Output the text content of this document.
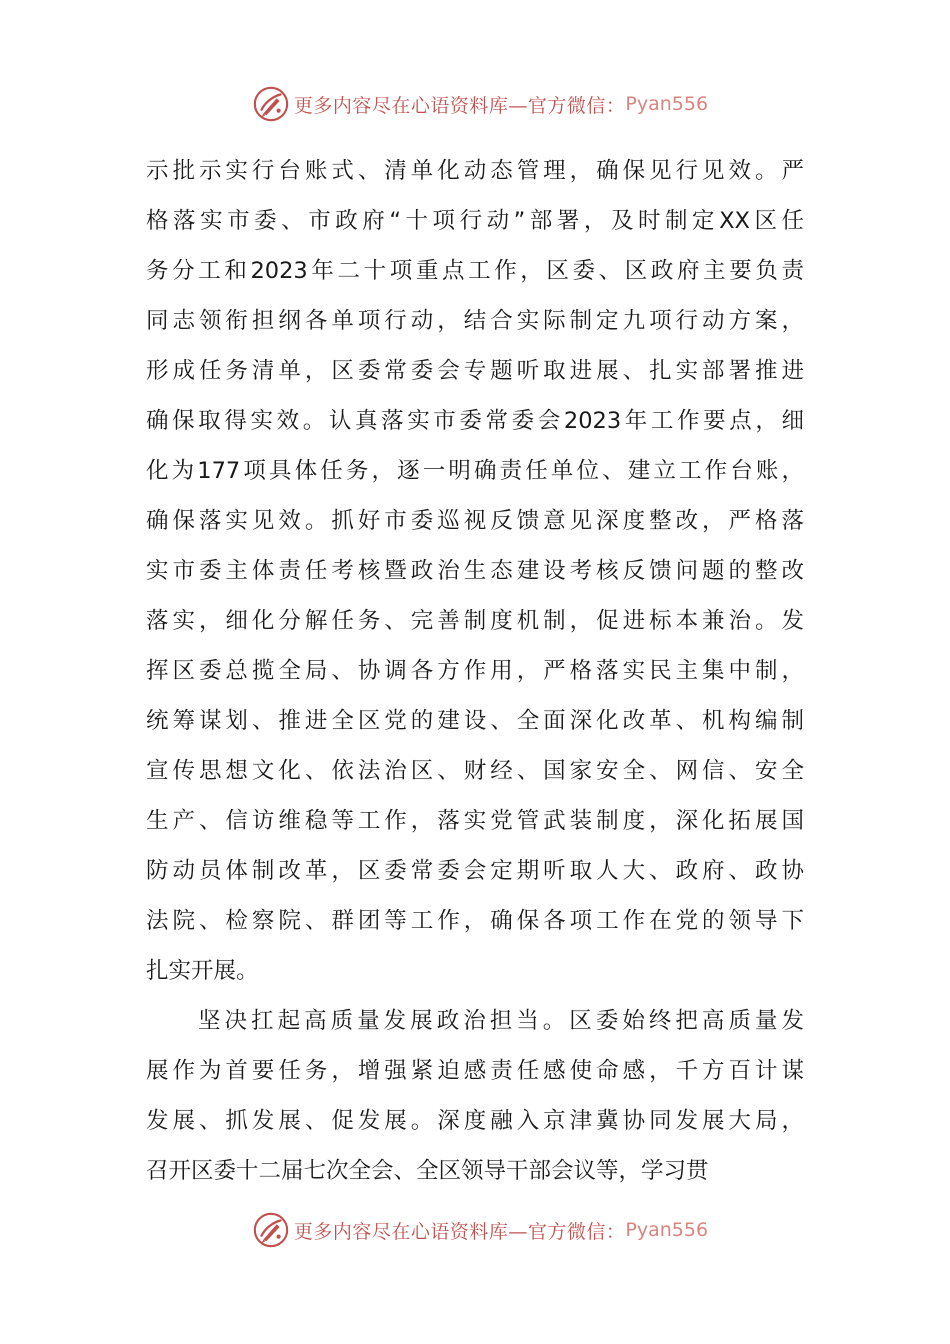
更多内容尽在心语资料库—官方微信： Pyan556
示批示实行台账式、清单化动态管理，确保见行见效。严
格落实市委、市政府“十项行动”部署，及时制定XX区任
务分工和2023年二十项重点工作，区委、区政府主要负责
同志领衔担纲各单项行动，结合实际制定九项行动方案，
形成任务清单，区委常委会专题听取进展、扎实部署推进
确保取得实效。认真落实市委常委会2023年工作要点，细
化为177项具体任务，逐一明确责任单位、建立工作台账，
确保落实见效。抓好市委巡视反馈意见深度整改，严格落
实市委主体责任考核暨政治生态建设考核反馈问题的整改
落实，细化分解任务、完善制度机制，促进标本兼治。发
挥区委总揽全局、协调各方作用，严格落实民主集中制，
统筹谋划、推进全区党的建设、全面深化改革、机构编制
宣传思想文化、依法治区、财经、国家安全、网信、安全
生产、信访维稳等工作，落实党管武装制度，深化拓展国
防动员体制改革，区委常委会定期听取人大、政府、政协
法院、检察院、群团等工作，确保各项工作在党的领导下
扎实开展。
坚决扛起高质量发展政治担当。区委始终把高质量发
展作为首要任务，增强紧迫感责任感使命感，千方百计谋
发展、抓发展、促发展。深度融入京津冀协同发展大局，
召开区委十二届七次全会、全区领导干部会议等，学习贯
更多内容尽在心语资料库—官方微信： Pyan556
